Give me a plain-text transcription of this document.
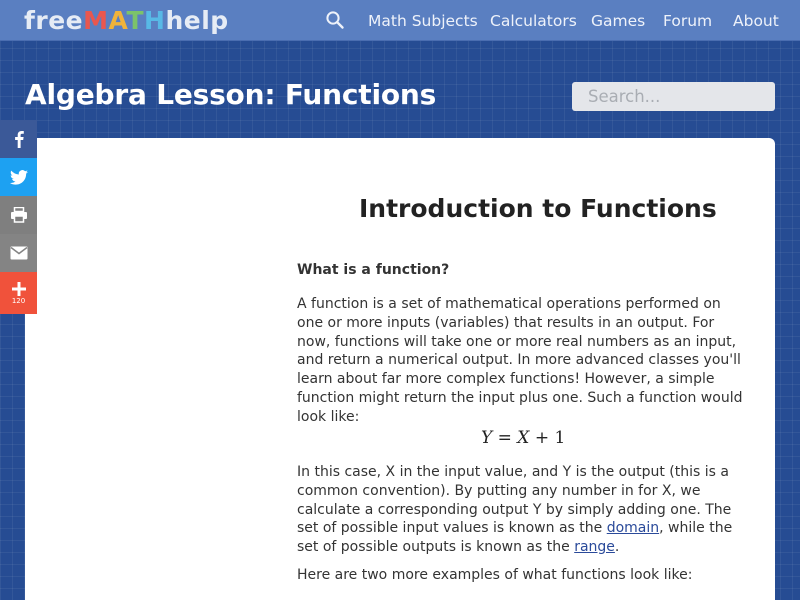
freeMATHhelp	Math Subjects Calculators Games Forum About
Algebra Lesson: Functions
Search...
120
Introduction to Functions
What is a function?

A function is a set of mathematical operations performed on one or more inputs (variables) that results in an output. For now, functions will take one or more real numbers as an input, and return a numerical output. In more advanced classes you'll learn about far more complex functions! However, a simple function might return the input plus one. Such a function would look like:

Y = X + 1

In this case, X in the input value, and Y is the output (this is a common convention). By putting any number in for X, we calculate a corresponding output Y by simply adding one. The set of possible input values is known as the domain, while the set of possible outputs is known as the range.

Here are two more examples of what functions look like:
